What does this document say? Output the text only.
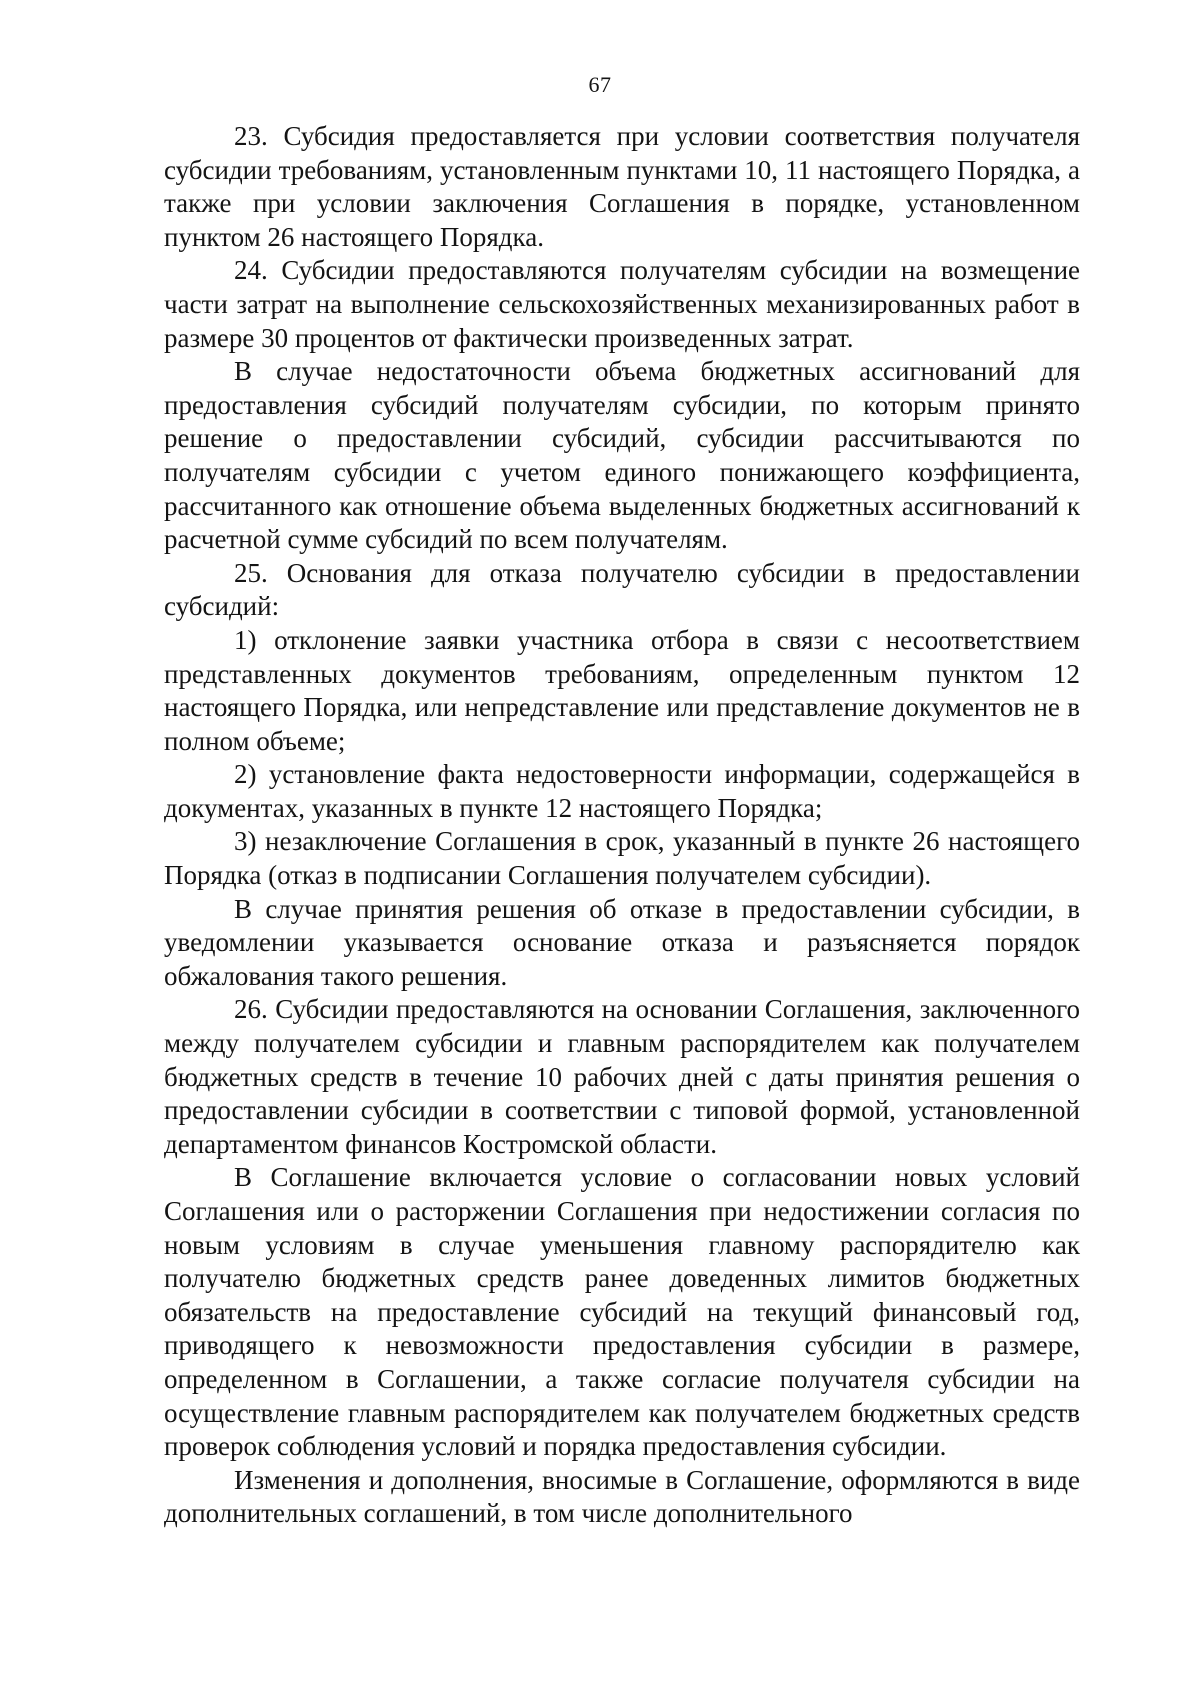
67

23. Субсидия предоставляется при условии соответствия получателя субсидии требованиям, установленным пунктами 10, 11 настоящего Порядка, а также при условии заключения Соглашения в порядке, установленном пунктом 26 настоящего Порядка.

24. Субсидии предоставляются получателям субсидии на возмещение части затрат на выполнение сельскохозяйственных механизированных работ в размере 30 процентов от фактически произведенных затрат.

В случае недостаточности объема бюджетных ассигнований для предоставления субсидий получателям субсидии, по которым принято решение о предоставлении субсидий, субсидии рассчитываются по получателям субсидии с учетом единого понижающего коэффициента, рассчитанного как отношение объема выделенных бюджетных ассигнований к расчетной сумме субсидий по всем получателям.

25. Основания для отказа получателю субсидии в предоставлении субсидий:

1) отклонение заявки участника отбора в связи с несоответствием представленных документов требованиям, определенным пунктом 12 настоящего Порядка, или непредставление или представление документов не в полном объеме;

2) установление факта недостоверности информации, содержащейся в документах, указанных в пункте 12 настоящего Порядка;

3) незаключение Соглашения в срок, указанный в пункте 26 настоящего Порядка (отказ в подписании Соглашения получателем субсидии).

В случае принятия решения об отказе в предоставлении субсидии, в уведомлении указывается основание отказа и разъясняется порядок обжалования такого решения.

26. Субсидии предоставляются на основании Соглашения, заключенного между получателем субсидии и главным распорядителем как получателем бюджетных средств в течение 10 рабочих дней с даты принятия решения о предоставлении субсидии в соответствии с типовой формой, установленной департаментом финансов Костромской области.

В Соглашение включается условие о согласовании новых условий Соглашения или о расторжении Соглашения при недостижении согласия по новым условиям в случае уменьшения главному распорядителю как получателю бюджетных средств ранее доведенных лимитов бюджетных обязательств на предоставление субсидий на текущий финансовый год, приводящего к невозможности предоставления субсидии в размере, определенном в Соглашении, а также согласие получателя субсидии на осуществление главным распорядителем как получателем бюджетных средств проверок соблюдения условий и порядка предоставления субсидии.

Изменения и дополнения, вносимые в Соглашение, оформляются в виде дополнительных соглашений, в том числе дополнительного
